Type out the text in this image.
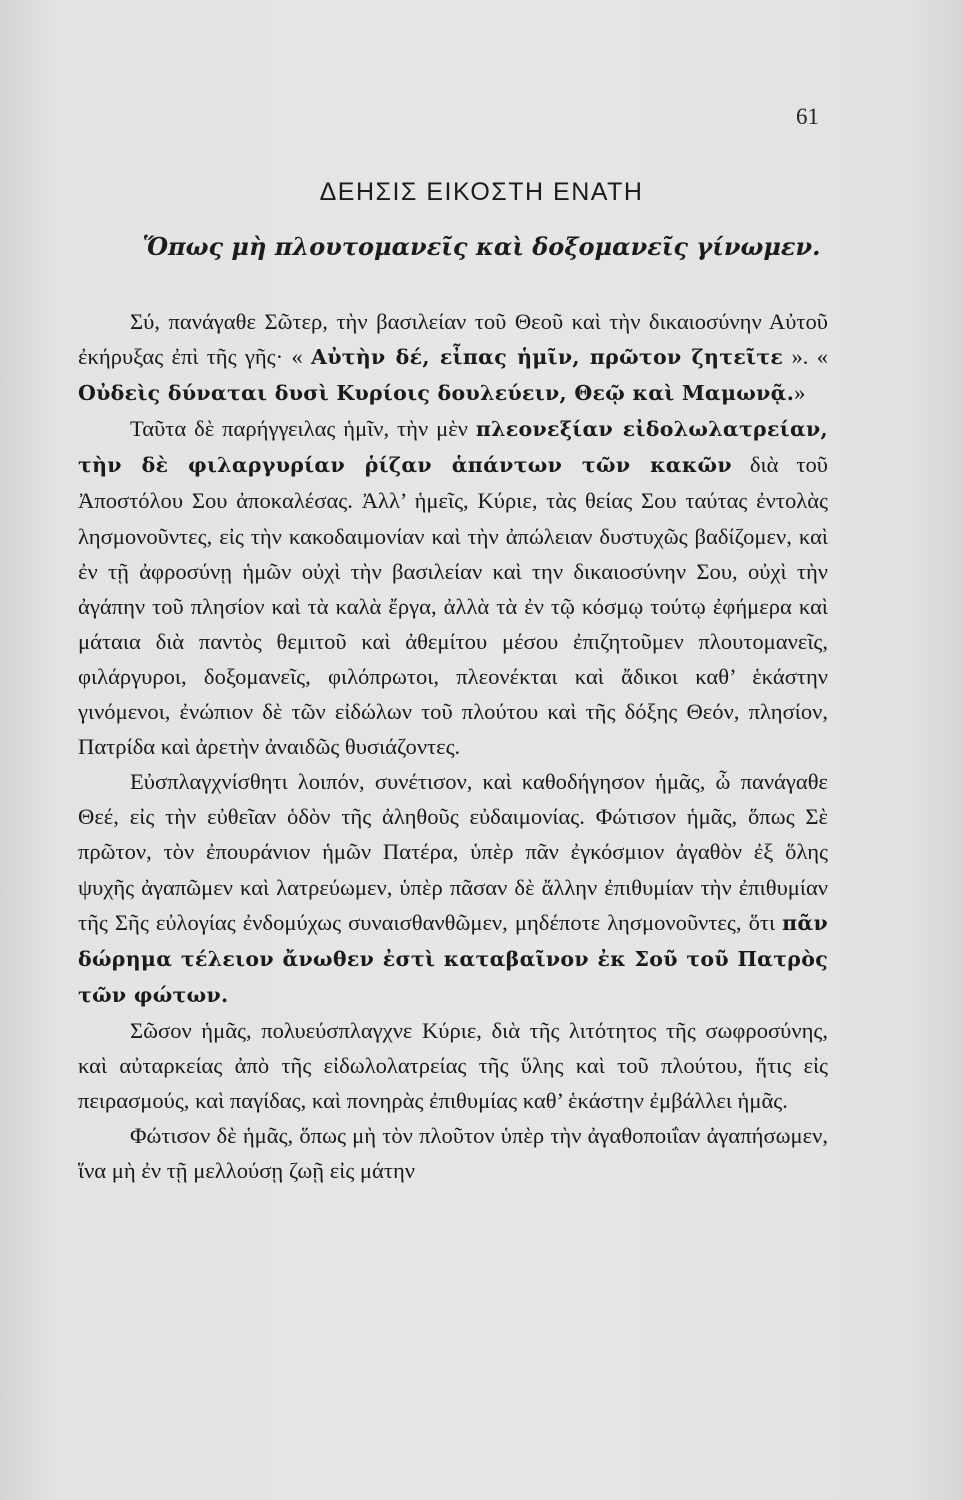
61
ΔΕΗΣΙΣ ΕΙΚΟΣΤΗ ΕΝΑΤΗ
Ὅπως μὴ πλουτομανεῖς καὶ δοξομανεῖς γίνωμεν.

Σύ, πανάγαθε Σῶτερ, τὴν βασιλείαν τοῦ Θεοῦ καὶ τὴν δικαιοσύνην Αὐτοῦ ἐκήρυξας ἐπὶ τῆς γῆς· « Αὐτὴν δέ, εἶπας ἡμῖν, πρῶτον ζητεῖτε ». « Οὐδεὶς δύναται δυσὶ Κυρίοις δουλεύειν, Θεῷ καὶ Μαμωνᾷ.»

Ταῦτα δὲ παρήγγειλας ἡμῖν, τὴν μὲν πλεονεξίαν εἰδολωλατρείαν, τὴν δὲ φιλαργυρίαν ῥίζαν ἁπάντων τῶν κακῶν διὰ τοῦ Ἀποστόλου Σου ἀποκαλέσας. Ἀλλ’ ἡμεῖς, Κύριε, τὰς θείας Σου ταύτας ἐντολὰς λησμονοῦντες, εἰς τὴν κακοδαιμονίαν καὶ τὴν ἀπώλειαν δυστυχῶς βαδίζομεν, καὶ ἐν τῇ ἀφροσύνῃ ἡμῶν οὐχὶ τὴν βασιλείαν καὶ την δικαιοσύνην Σου, οὐχὶ τὴν ἀγάπην τοῦ πλησίον καὶ τὰ καλὰ ἔργα, ἀλλὰ τὰ ἐν τῷ κόσμῳ τούτῳ ἐφήμερα καὶ μάταια διὰ παντὸς θεμιτοῦ καὶ ἀθεμίτου μέσου ἐπιζητοῦμεν πλουτομανεῖς, φιλάργυροι, δοξομανεῖς, φιλόπρωτοι, πλεονέκται καὶ ἄδικοι καθ’ ἑκάστην γινόμενοι, ἐνώπιον δὲ τῶν εἰδώλων τοῦ πλούτου καὶ τῆς δόξης Θεόν, πλησίον, Πατρίδα καὶ ἀρετὴν ἀναιδῶς θυσιάζοντες.

Εὐσπλαγχνίσθητι λοιπόν, συνέτισον, καὶ καθοδήγησον ἡμᾶς, ὦ πανάγαθε Θεέ, εἰς τὴν εὐθεῖαν ὁδὸν τῆς ἀληθοῦς εὐδαιμονίας. Φώτισον ἡμᾶς, ὅπως Σὲ πρῶτον, τὸν ἐπουράνιον ἡμῶν Πατέρα, ὑπὲρ πᾶν ἐγκόσμιον ἀγαθὸν ἐξ ὅλης ψυχῆς ἀγαπῶμεν καὶ λατρεύωμεν, ὑπὲρ πᾶσαν δὲ ἄλλην ἐπιθυμίαν τὴν ἐπιθυμίαν τῆς Σῆς εὐλογίας ἐνδομύχως συναισθανθῶμεν, μηδέποτε λησμονοῦντες, ὅτι πᾶν δώρημα τέλειον ἄνωθεν ἐστὶ καταβαῖνον ἐκ Σοῦ τοῦ Πατρὸς τῶν φώτων.

Σῶσον ἡμᾶς, πολυεύσπλαγχνε Κύριε, διὰ τῆς λιτότητος τῆς σωφροσύνης, καὶ αὐταρκείας ἀπὸ τῆς εἰδωλολατρείας τῆς ὕλης καὶ τοῦ πλούτου, ἥτις εἰς πειρασμούς, καὶ παγίδας, καὶ πονηρὰς ἐπιθυμίας καθ’ ἑκάστην ἐμβάλλει ἡμᾶς.

Φώτισον δὲ ἡμᾶς, ὅπως μὴ τὸν πλοῦτον ὑπὲρ τὴν ἀγαθοποιΐαν ἀγαπήσωμεν, ἵνα μὴ ἐν τῇ μελλούσῃ ζωῇ εἰς μάτην
